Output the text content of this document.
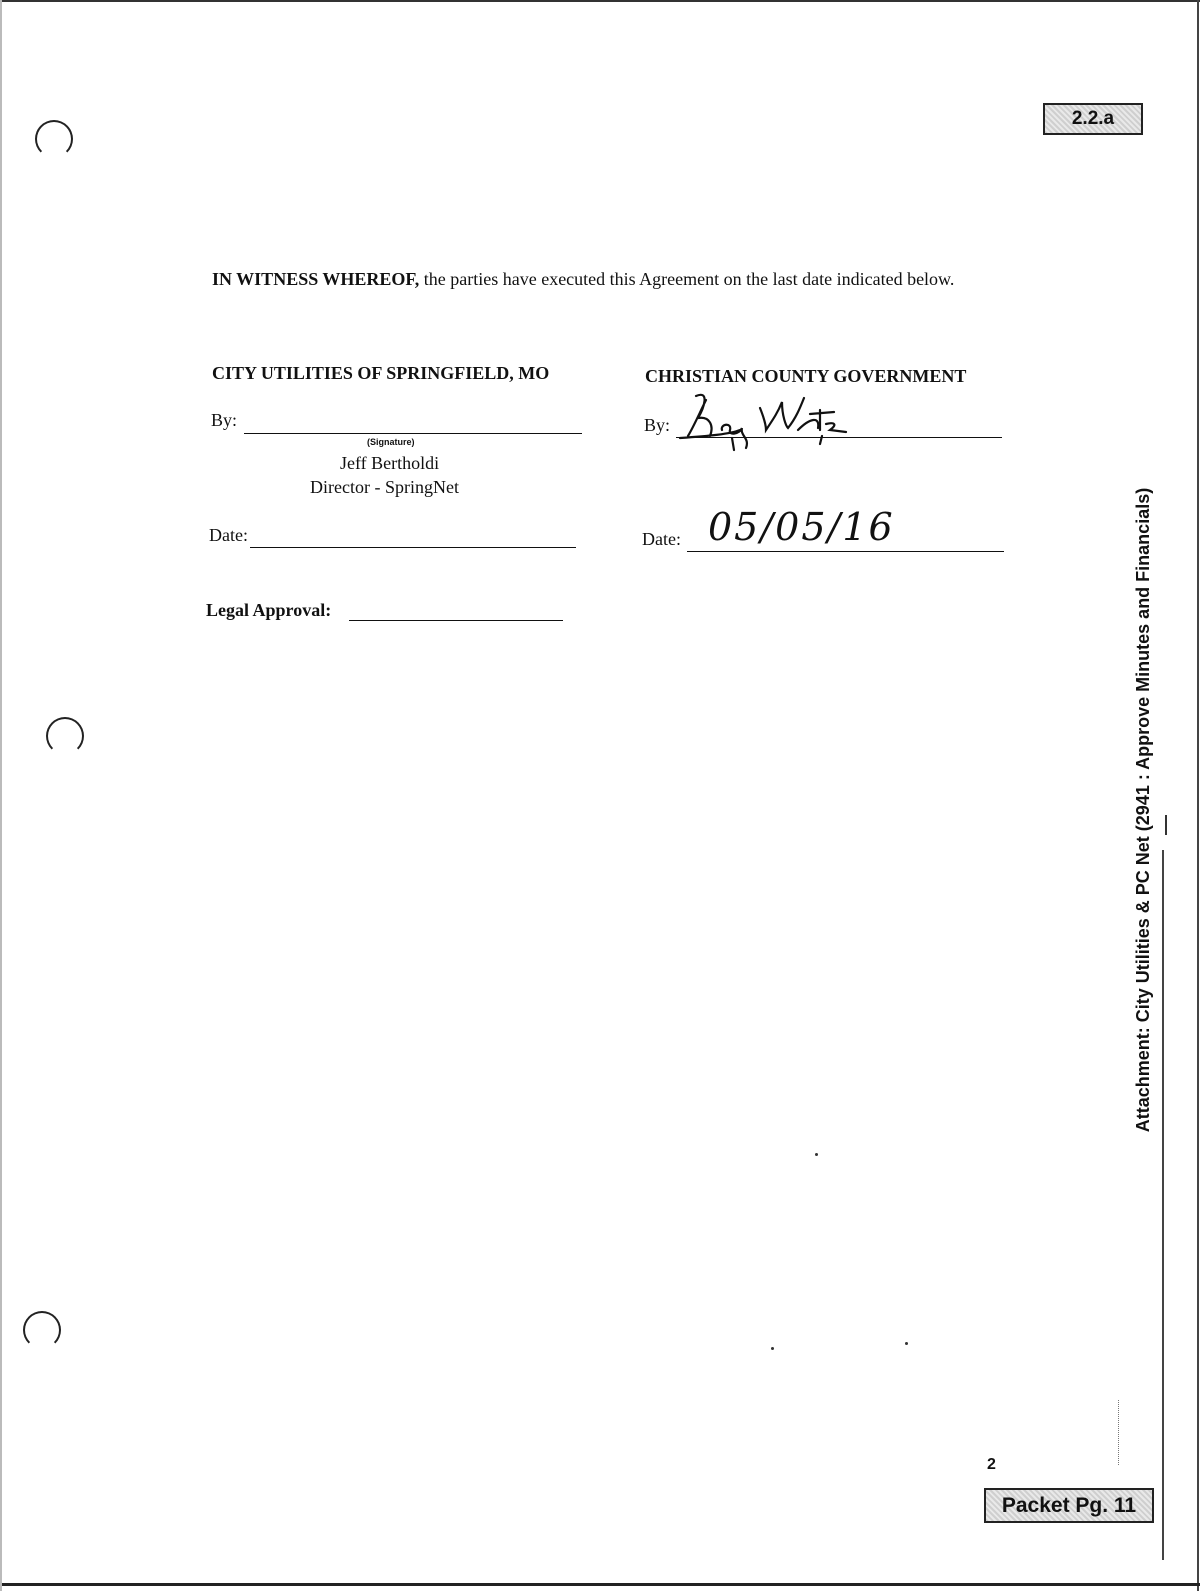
2.2.a

IN WITNESS WHEREOF, the parties have executed this Agreement on the last date indicated below.

CITY UTILITIES OF SPRINGFIELD, MO	CHRISTIAN COUNTY GOVERNMENT
By:
(Signature)
Jeff Bertholdi
Director - SpringNet
By:
Date:	Date: 05/05/16
Legal Approval:	Attachment: City Utilities & PC Net (2941 : Approve Minutes and Financials)
2
Packet Pg. 11
